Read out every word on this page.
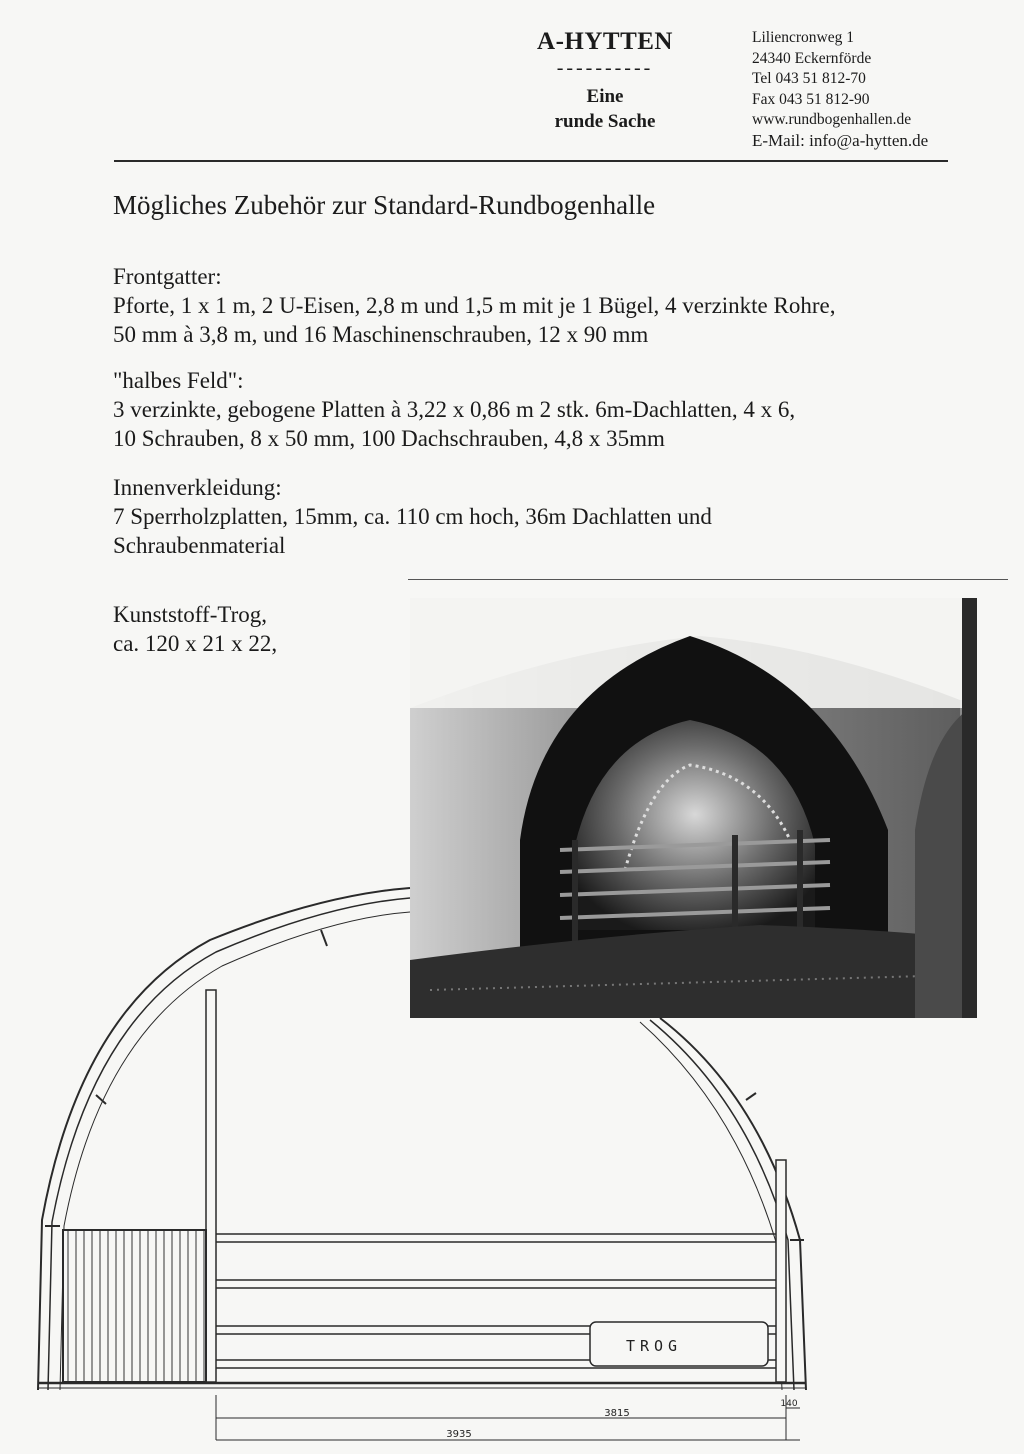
A-HYTTEN
----------
Eine
runde Sache
Liliencronweg 1
24340 Eckernförde
Tel 043 51 812-70
Fax 043 51 812-90
www.rundbogenhallen.de
E-Mail: info@a-hytten.de
Mögliches Zubehör zur Standard-Rundbogenhalle
Frontgatter:
Pforte, 1 x 1 m, 2 U-Eisen, 2,8 m und 1,5 m mit je 1 Bügel, 4 verzinkte Rohre,
50 mm à 3,8 m, und 16 Maschinenschrauben, 12 x 90 mm
"halbes Feld":
3 verzinkte, gebogene Platten à 3,22 x 0,86 m 2 stk. 6m-Dachlatten, 4 x 6,
10 Schrauben, 8 x 50 mm, 100 Dachschrauben, 4,8 x 35mm
Innenverkleidung:
7 Sperrholzplatten, 15mm, ca. 110 cm hoch, 36m Dachlatten und
Schraubenmaterial
Kunststoff-Trog,
ca. 120 x 21 x 22,
TROG
3815
3935
140
